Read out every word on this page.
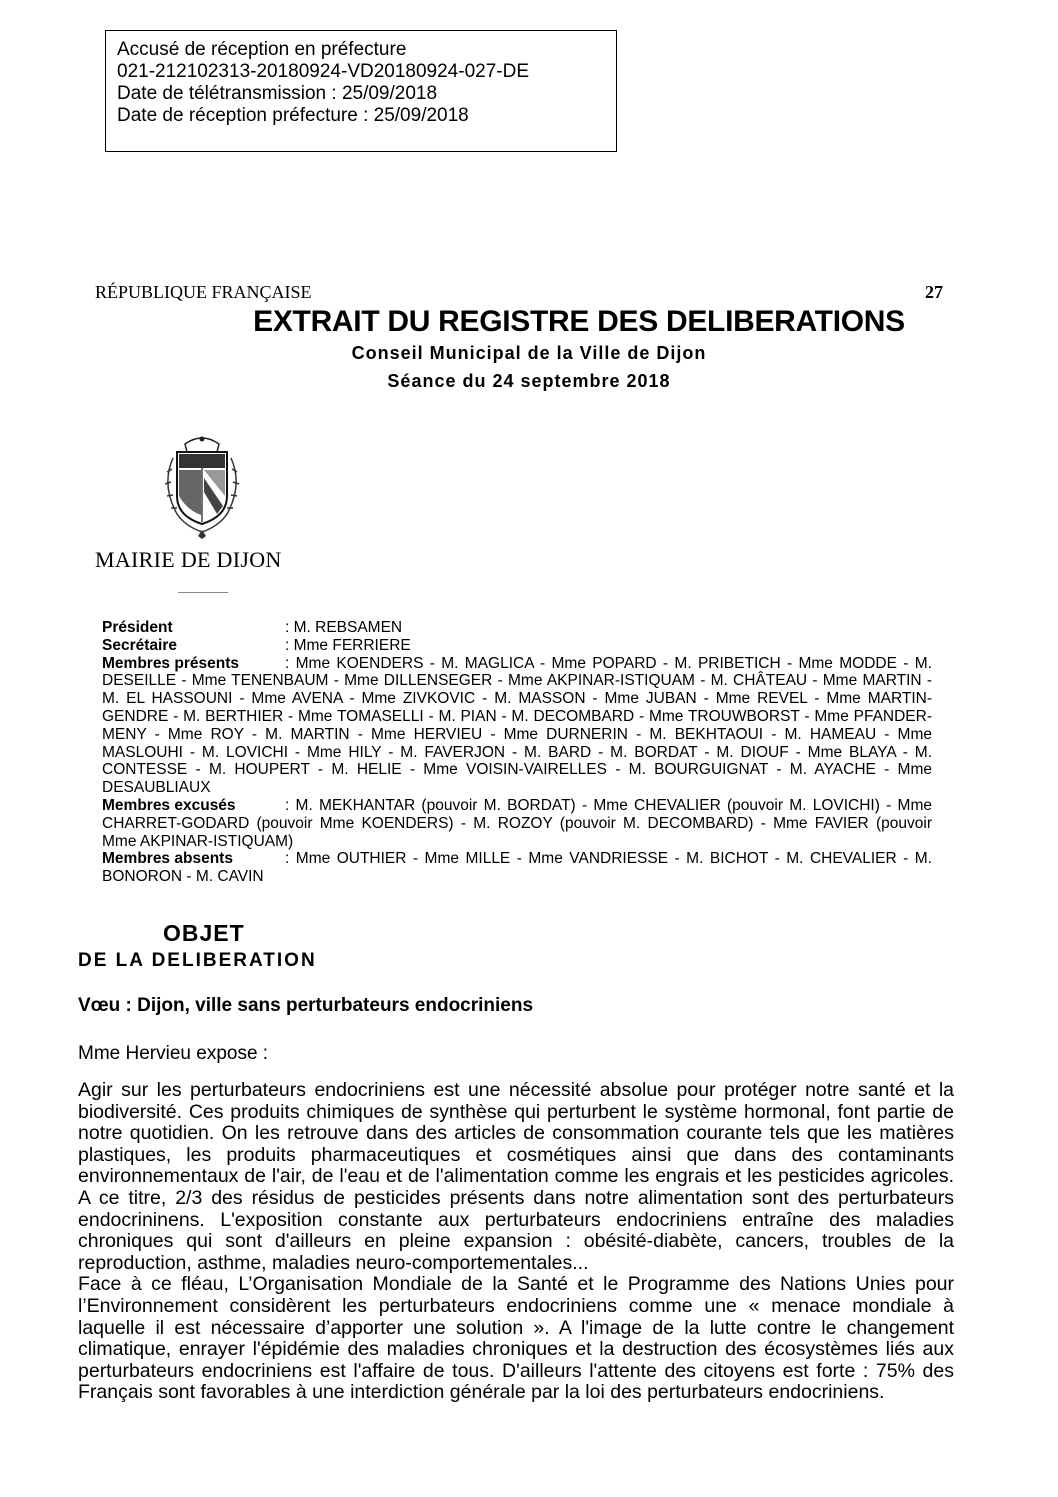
Accusé de réception en préfecture
021-212102313-20180924-VD20180924-027-DE
Date de télétransmission : 25/09/2018
Date de réception préfecture : 25/09/2018
RÉPUBLIQUE FRANÇAISE	27
EXTRAIT DU REGISTRE DES DELIBERATIONS
Conseil Municipal de la Ville de Dijon
Séance du 24 septembre 2018
MAIRIE DE DIJON
Président	: M. REBSAMEN
Secrétaire	: Mme FERRIERE
Membres présents	: Mme KOENDERS - M. MAGLICA - Mme POPARD - M. PRIBETICH - Mme MODDE - M. DESEILLE - Mme TENENBAUM - Mme DILLENSEGER - Mme AKPINAR-ISTIQUAM - M. CHÂTEAU - Mme MARTIN - M. EL HASSOUNI - Mme AVENA - Mme ZIVKOVIC - M. MASSON - Mme JUBAN - Mme REVEL - Mme MARTIN-GENDRE - M. BERTHIER - Mme TOMASELLI - M. PIAN - M. DECOMBARD - Mme TROUWBORST - Mme PFANDER-MENY - Mme ROY - M. MARTIN - Mme HERVIEU - Mme DURNERIN - M. BEKHTAOUI - M. HAMEAU - Mme MASLOUHI - M. LOVICHI - Mme HILY - M. FAVERJON - M. BARD - M. BORDAT - M. DIOUF - Mme BLAYA - M. CONTESSE - M. HOUPERT - M. HELIE - Mme VOISIN-VAIRELLES - M. BOURGUIGNAT - M. AYACHE - Mme DESAUBLIAUX
Membres excusés	: M. MEKHANTAR (pouvoir M. BORDAT) - Mme CHEVALIER (pouvoir M. LOVICHI) - Mme CHARRET-GODARD (pouvoir Mme KOENDERS) - M. ROZOY (pouvoir M. DECOMBARD) - Mme FAVIER (pouvoir Mme AKPINAR-ISTIQUAM)
Membres absents	: Mme OUTHIER - Mme MILLE - Mme VANDRIESSE - M. BICHOT - M. CHEVALIER - M. BONORON - M. CAVIN
OBJET
DE LA DELIBERATION
Vœu : Dijon, ville sans perturbateurs endocriniens
Mme Hervieu expose :

Agir sur les perturbateurs endocriniens est une nécessité absolue pour protéger notre santé et la biodiversité. Ces produits chimiques de synthèse qui perturbent le système hormonal, font partie de notre quotidien. On les retrouve dans des articles de consommation courante tels que les matières plastiques, les produits pharmaceutiques et cosmétiques ainsi que dans des contaminants environnementaux de l'air, de l'eau et de l'alimentation comme les engrais et les pesticides agricoles. A ce titre, 2/3 des résidus de pesticides présents dans notre alimentation sont des perturbateurs endocrininens. L'exposition constante aux perturbateurs endocriniens entraîne des maladies chroniques qui sont d'ailleurs en pleine expansion : obésité-diabète, cancers, troubles de la reproduction, asthme, maladies neuro-comportementales...

Face à ce fléau, L’Organisation Mondiale de la Santé et le Programme des Nations Unies pour l’Environnement considèrent les perturbateurs endocriniens comme une « menace mondiale à laquelle il est nécessaire d’apporter une solution ». A l'image de la lutte contre le changement climatique, enrayer l'épidémie des maladies chroniques et la destruction des écosystèmes liés aux perturbateurs endocriniens est l'affaire de tous. D'ailleurs l'attente des citoyens est forte : 75% des Français sont favorables à une interdiction générale par la loi des perturbateurs endocriniens.
